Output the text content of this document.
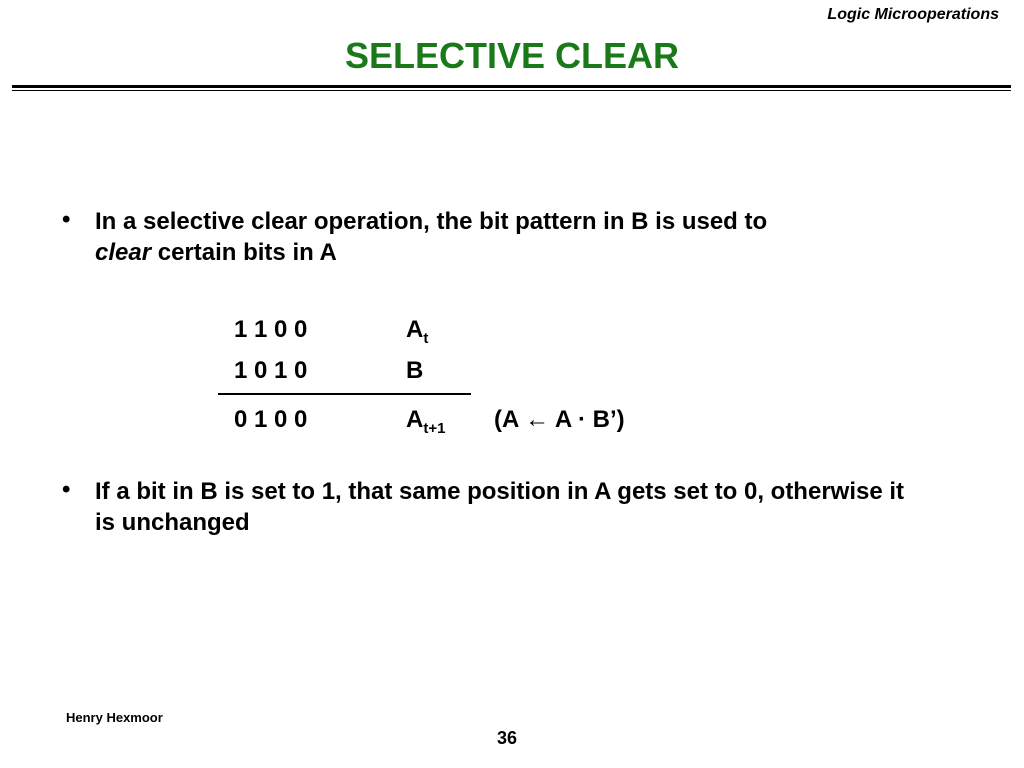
Logic Microoperations
SELECTIVE CLEAR
• In a selective clear operation, the bit pattern in B is used to
clear certain bits in A
1 1 0 0	$A_t$
1 0 1 0	B
0 1 0 0	$A_{t+1}$ (A ← A · B’)
• If a bit in B is set to 1, that same position in A gets set to 0, otherwise it is unchanged
Henry Hexmoor
36
